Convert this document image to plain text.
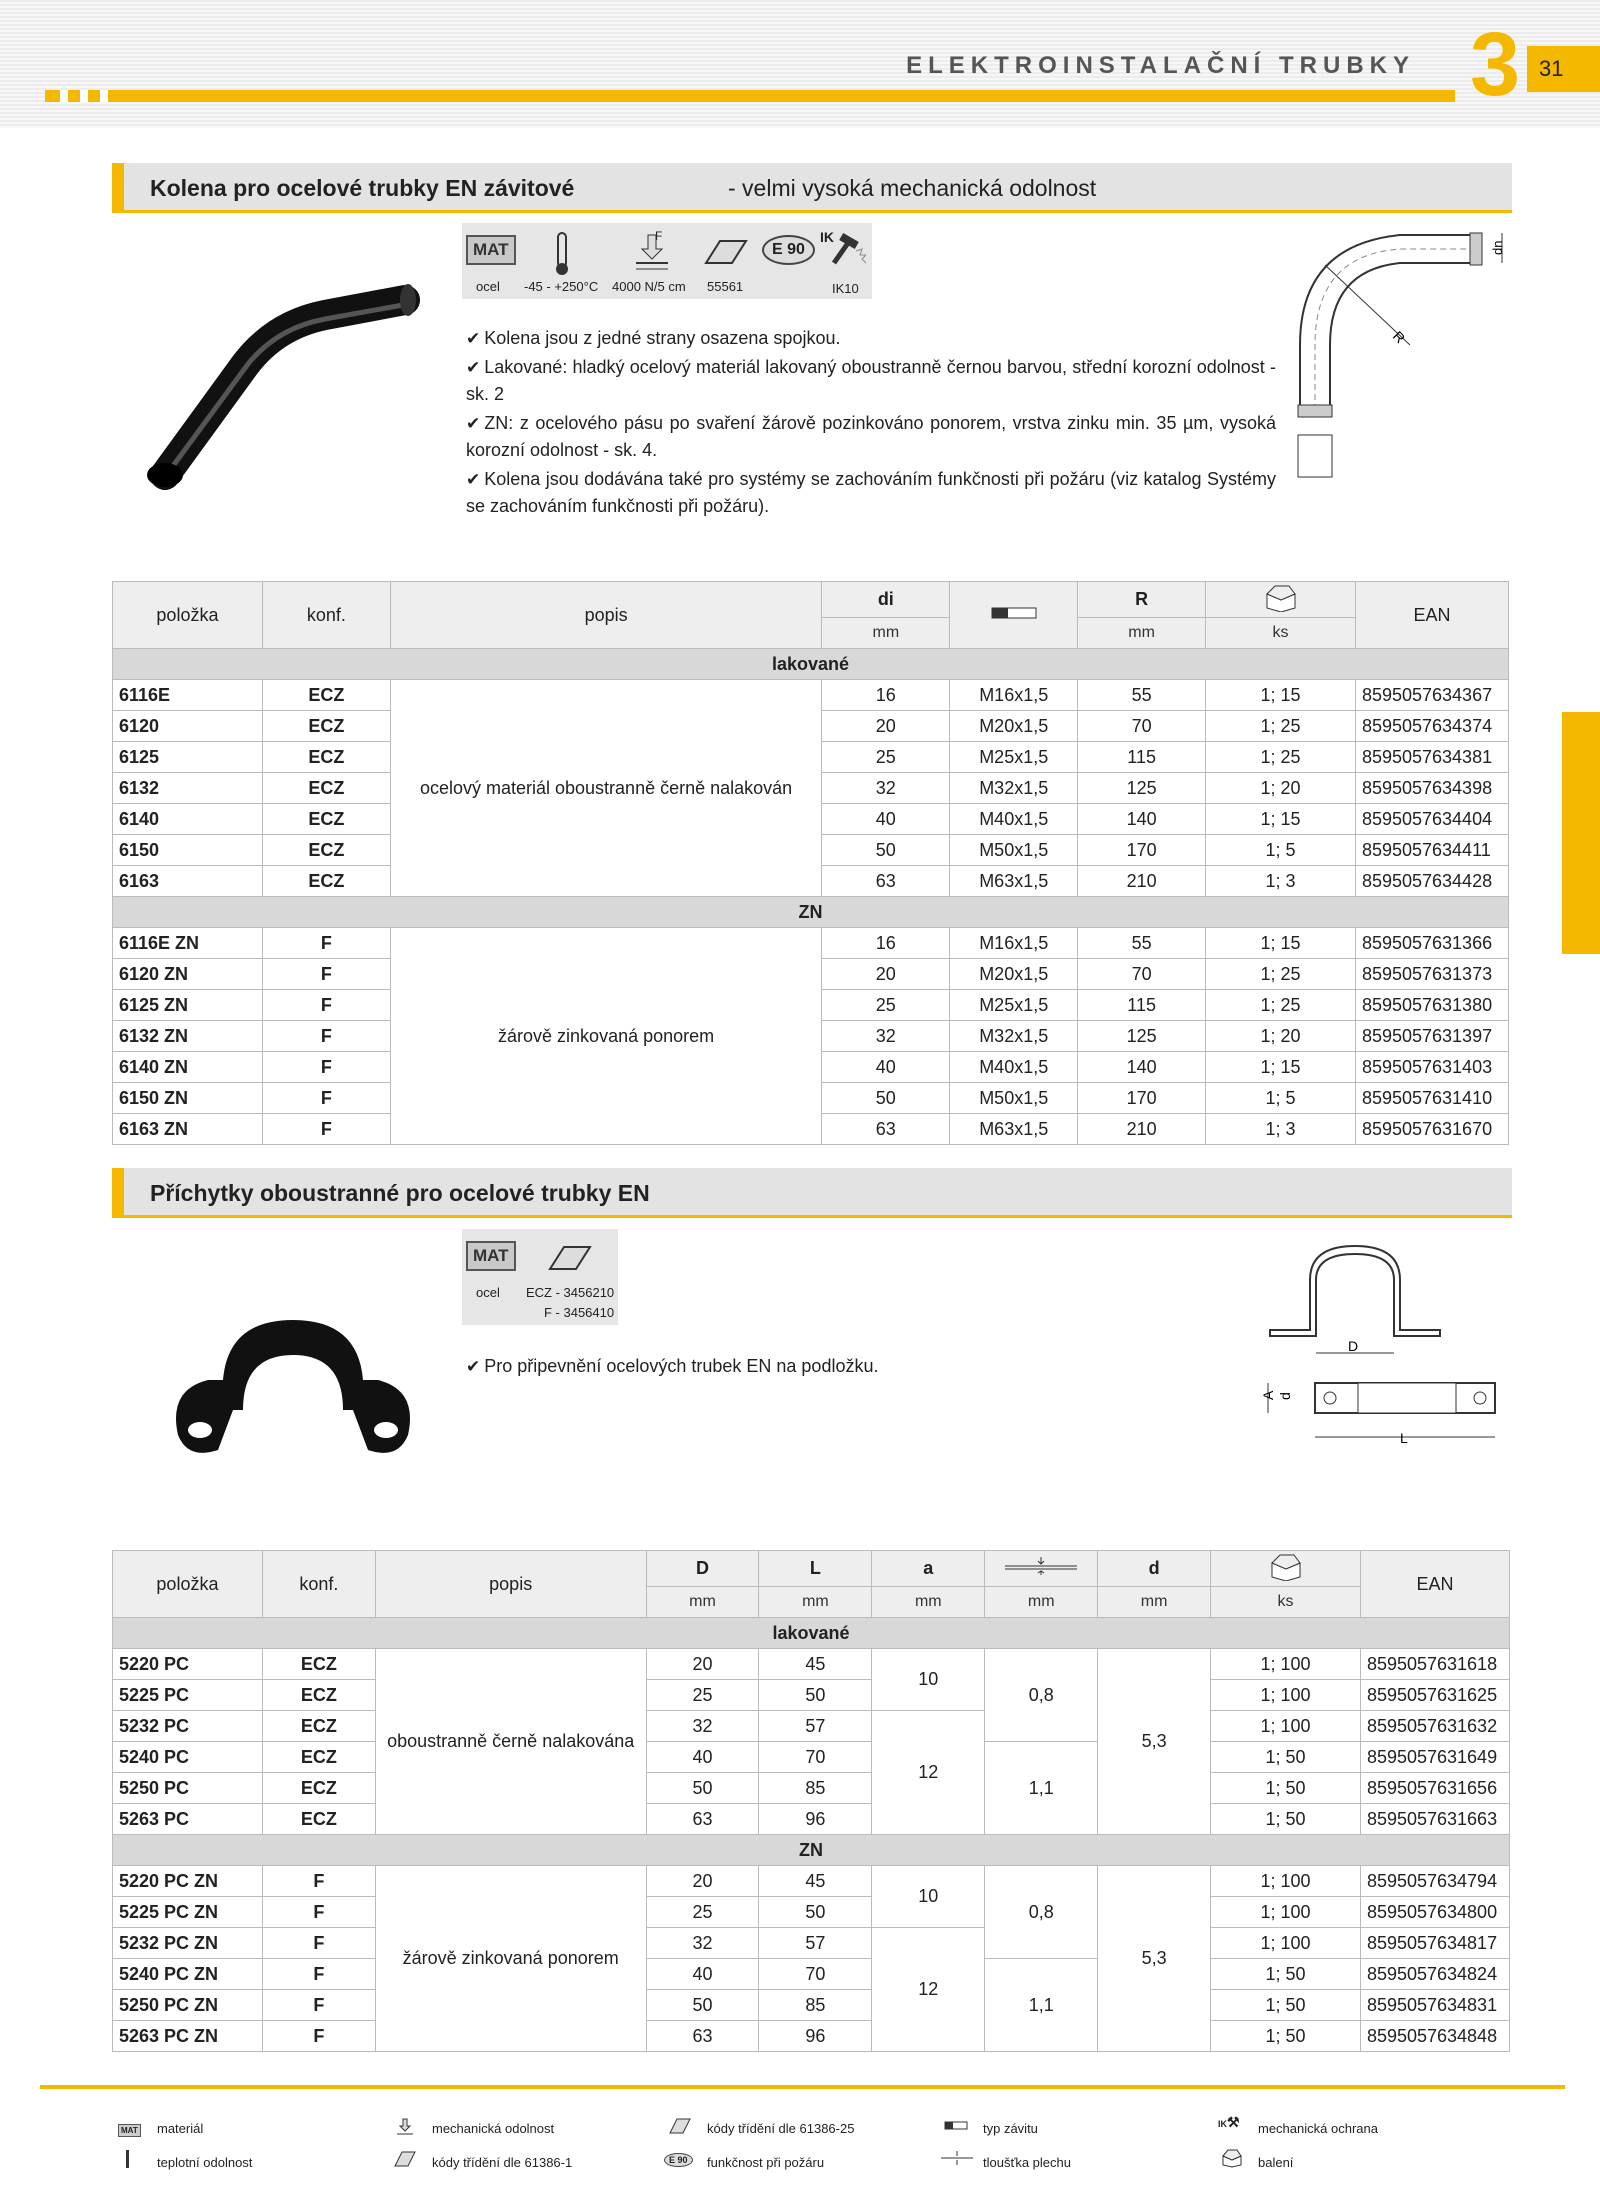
ELEKTROINSTALAČNÍ TRUBKY 3 31
Kolena pro ocelové trubky EN závitové	- velmi vysoká mechanická odolnost
MAT
F
E 90
IK
ocel -45 - +250°C 4000 N/5 cm 55561	IK10
✔ Kolena jsou z jedné strany osazena spojkou.
✔ Lakované: hladký ocelový materiál lakovaný oboustranně černou barvou, střední korozní odolnost - sk. 2
✔ ZN: z ocelového pásu po svaření žárově pozinkováno ponorem, vrstva zinku min. 35 µm, vysoká korozní odolnost - sk. 4.
✔ Kolena jsou dodávána také pro systémy se zachováním funkčnosti při požáru (viz katalog Systémy se zachováním funkčnosti při požáru).
R
dn
položka	konf.	popis	di		R		EAN
			mm		mm	ks	
lakované							
6116E	ECZ	ocelový materiál oboustranně černě nalakován	16	M16x1,5	55	1; 15	8595057634367
6120	ECZ		20	M20x1,5	70	1; 25	8595057634374
6125	ECZ		25	M25x1,5	115	1; 25	8595057634381
6132	ECZ		32	M32x1,5	125	1; 20	8595057634398
6140	ECZ		40	M40x1,5	140	1; 15	8595057634404
6150	ECZ		50	M50x1,5	170	1; 5	8595057634411
6163	ECZ		63	M63x1,5	210	1; 3	8595057634428
ZN							
6116E ZN	F	žárově zinkovaná ponorem	16	M16x1,5	55	1; 15	8595057631366
6120 ZN	F		20	M20x1,5	70	1; 25	8595057631373
6125 ZN	F		25	M25x1,5	115	1; 25	8595057631380
6132 ZN	F		32	M32x1,5	125	1; 20	8595057631397
6140 ZN	F		40	M40x1,5	140	1; 15	8595057631403
6150 ZN	F		50	M50x1,5	170	1; 5	8595057631410
6163 ZN	F		63	M63x1,5	210	1; 3	8595057631670
Příchytky oboustranné pro ocelové trubky EN
MAT
ocel ECZ - 3456210
F - 3456410
✔ Pro připevnění ocelových trubek EN na podložku.
D
L
A d
položka	konf.	popis	D	L	a		d		EAN
			mm	mm	mm	mm	mm	ks	
lakované									
5220 PC	ECZ	oboustranně černě nalakována	20	45	10	0,8	5,3	1; 100	8595057631618
5225 PC	ECZ		25	50				1; 100	8595057631625
5232 PC	ECZ		32	57	12			1; 100	8595057631632
5240 PC	ECZ		40	70		1,1		1; 50	8595057631649
5250 PC	ECZ		50	85				1; 50	8595057631656
5263 PC	ECZ		63	96				1; 50	8595057631663
ZN									
5220 PC ZN	F	žárově zinkovaná ponorem	20	45	10	0,8	5,3	1; 100	8595057634794
5225 PC ZN	F		25	50				1; 100	8595057634800
5232 PC ZN	F		32	57	12			1; 100	8595057634817
5240 PC ZN	F		40	70		1,1		1; 50	8595057634824
5250 PC ZN	F		50	85				1; 50	8595057634831
5263 PC ZN	F		63	96				1; 50	8595057634848
MAT materiál	mechanická odolnost	kódy třídění dle 61386-25	typ závitu	IK⚒ mechanická ochrana
teplotní odolnost	kódy třídění dle 61386-1	E 90	funkčnost při požáru	tloušťka plechu	balení
